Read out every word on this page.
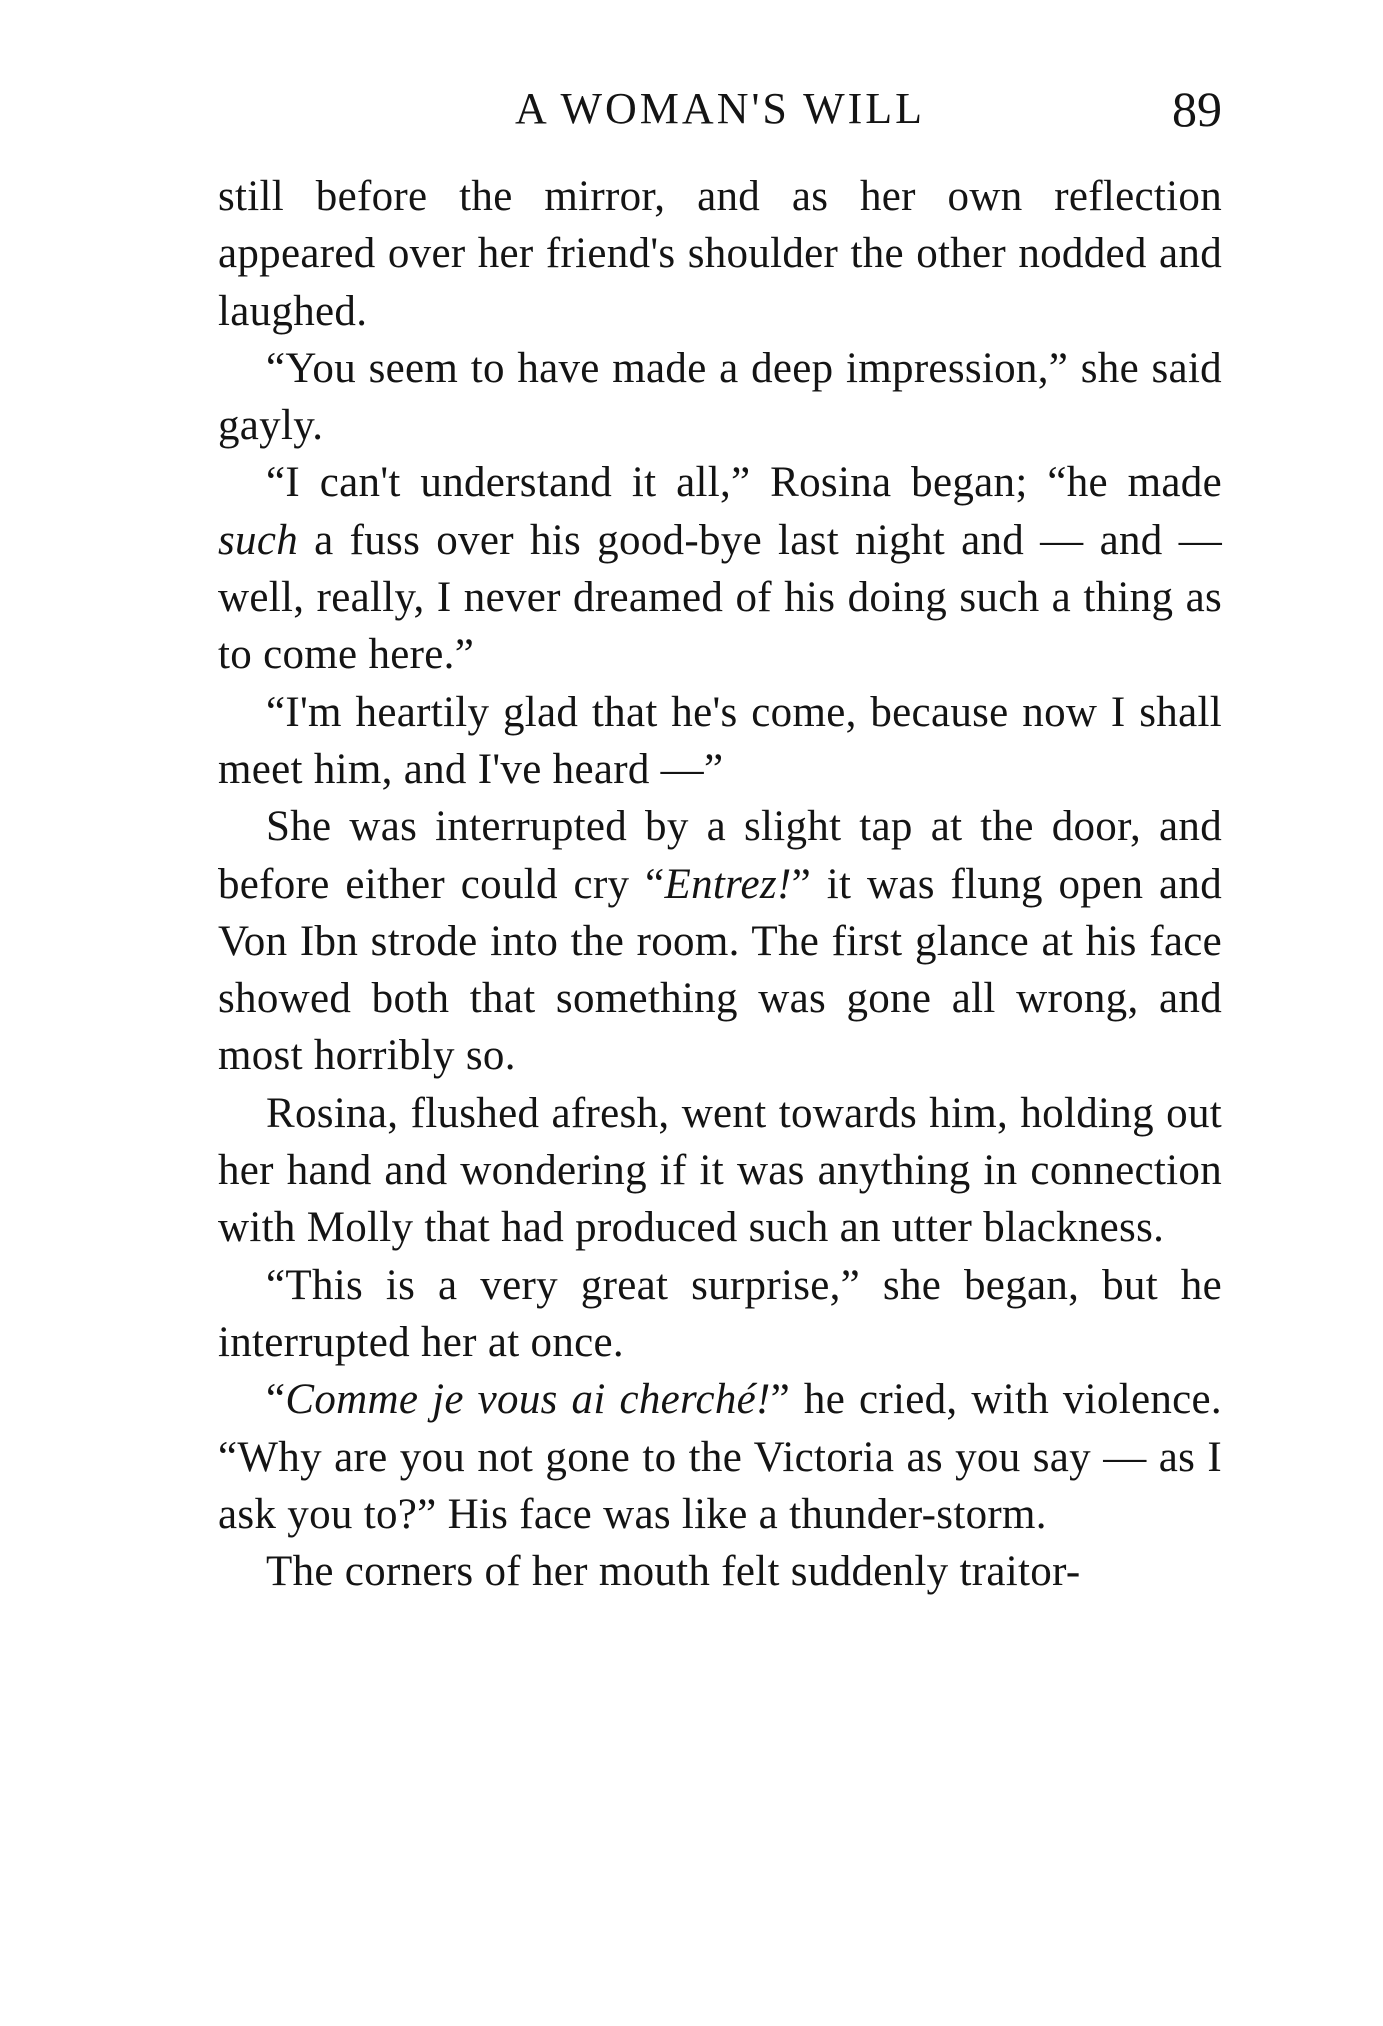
A WOMAN'S WILL	89

still before the mirror, and as her own reflection appeared over her friend's shoulder the other nodded and laughed.

“You seem to have made a deep impression,” she said gayly.

“I can't understand it all,” Rosina began; “he made such a fuss over his good-bye last night and — and — well, really, I never dreamed of his doing such a thing as to come here.”

“I'm heartily glad that he's come, because now I shall meet him, and I've heard —”

She was interrupted by a slight tap at the door, and before either could cry “Entrez!” it was flung open and Von Ibn strode into the room. The first glance at his face showed both that something was gone all wrong, and most horribly so.

Rosina, flushed afresh, went towards him, holding out her hand and wondering if it was anything in connection with Molly that had produced such an utter blackness.

“This is a very great surprise,” she began, but he interrupted her at once.

“Comme je vous ai cherché!” he cried, with violence. “Why are you not gone to the Victoria as you say — as I ask you to?” His face was like a thunder-storm.

The corners of her mouth felt suddenly traitor-
